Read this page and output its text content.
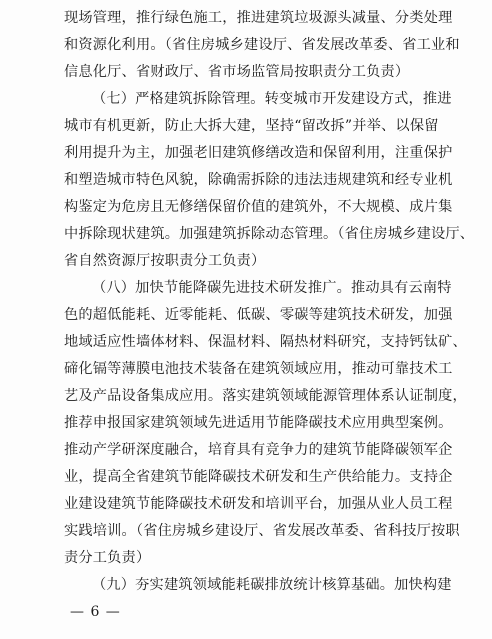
现场管理，推行绿色施工，推进建筑垃圾源头减量、分类处理
和资源化利用。（省住房城乡建设厅、省发展改革委、省工业和
信息化厅、省财政厅、省市场监管局按职责分工负责）
（七）严格建筑拆除管理。转变城市开发建设方式，推进
城市有机更新，防止大拆大建，坚持“留改拆”并举、以保留
利用提升为主，加强老旧建筑修缮改造和保留利用，注重保护
和塑造城市特色风貌，除确需拆除的违法违规建筑和经专业机
构鉴定为危房且无修缮保留价值的建筑外，不大规模、成片集
中拆除现状建筑。加强建筑拆除动态管理。（省住房城乡建设厅、
省自然资源厅按职责分工负责）
（八）加快节能降碳先进技术研发推广。推动具有云南特
色的超低能耗、近零能耗、低碳、零碳等建筑技术研发，加强
地域适应性墙体材料、保温材料、隔热材料研究，支持钙钛矿、
碲化镉等薄膜电池技术装备在建筑领域应用，推动可靠技术工
艺及产品设备集成应用。落实建筑领域能源管理体系认证制度，
推荐申报国家建筑领域先进适用节能降碳技术应用典型案例。
推动产学研深度融合，培育具有竞争力的建筑节能降碳领军企
业，提高全省建筑节能降碳技术研发和生产供给能力。支持企
业建设建筑节能降碳技术研发和培训平台，加强从业人员工程
实践培训。（省住房城乡建设厅、省发展改革委、省科技厅按职
责分工负责）
（九）夯实建筑领域能耗碳排放统计核算基础。加快构建
— 6 —
